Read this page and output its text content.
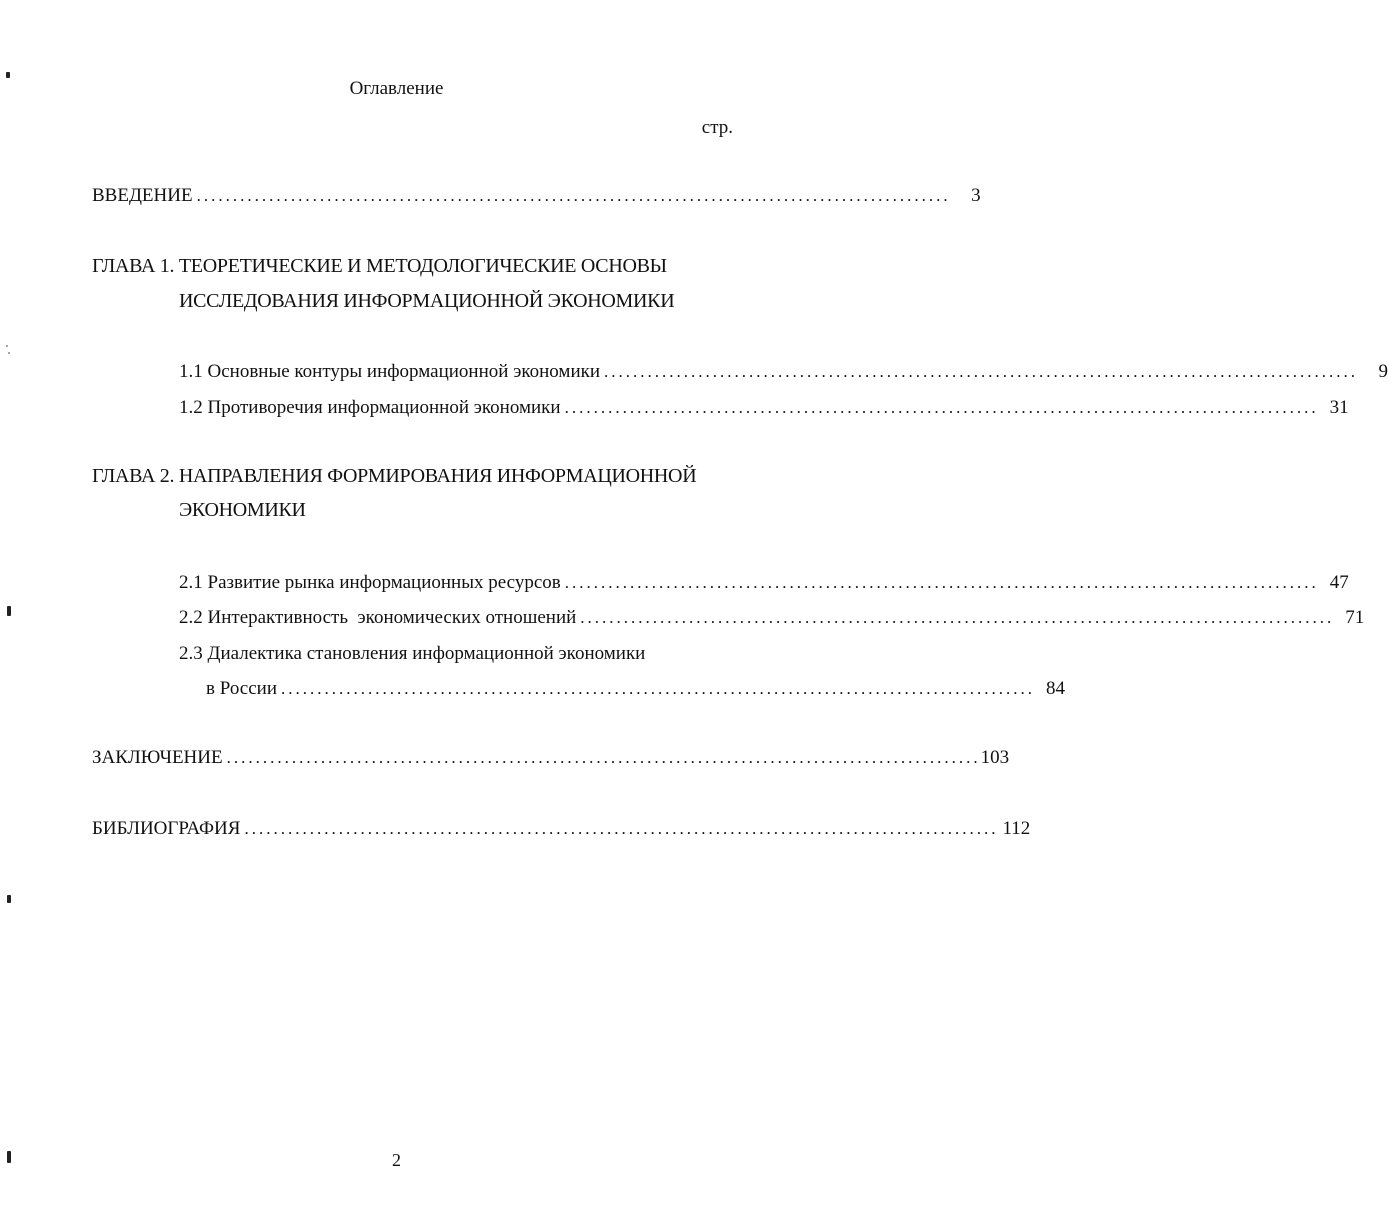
Оглавление
стр.
ВВЕДЕНИЕ ........................................................................................................	3
ГЛАВА 1. ТЕОРЕТИЧЕСКИЕ И МЕТОДОЛОГИЧЕСКИЕ ОСНОВЫ
ИССЛЕДОВАНИЯ ИНФОРМАЦИОННОЙ ЭКОНОМИКИ
1.1 Основные контуры информационной экономики ........................................................................................................	9
1.2 Противоречия информационной экономики ........................................................................................................ 31
ГЛАВА 2. НАПРАВЛЕНИЯ ФОРМИРОВАНИЯ ИНФОРМАЦИОННОЙ
ЭКОНОМИКИ
2.1 Развитие рынка информационных ресурсов ........................................................................................................ 47
2.2 Интерактивность  экономических отношений ........................................................................................................ 71
2.3 Диалектика становления информационной экономики
в России ........................................................................................................ 84
ЗАКЛЮЧЕНИЕ ........................................................................................................ 103
БИБЛИОГРАФИЯ ........................................................................................................ 112
2
